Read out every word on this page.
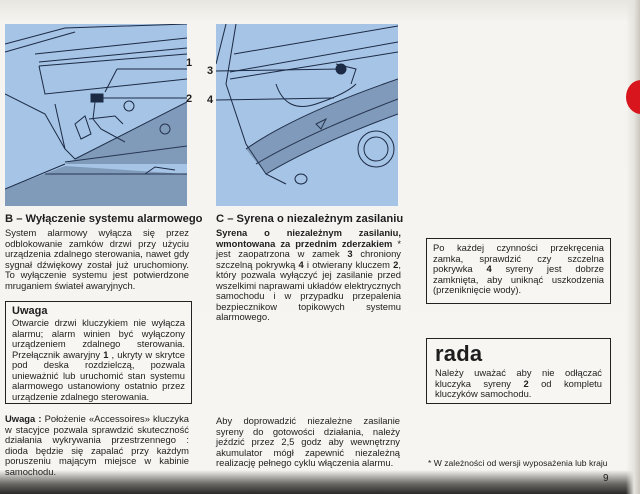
1
2
3
4
B – Wyłączenie systemu alarmowego
System alarmowy wyłącza się przez odblokowanie zamków drzwi przy użyciu urządzenia zdalnego sterowania, nawet gdy sygnał dźwiękowy został już uruchomiony. To wyłączenie systemu jest potwierdzone mruganiem świateł awaryjnych.
Uwaga
Otwarcie drzwi kluczykiem nie wyłącza alarmu; alarm winien być wyłączony urządzeniem zdalnego sterowania. Przełącznik awaryjny 1 , ukryty w skrytce pod deska rozdzielczą, pozwala unieważnić lub uruchomić stan systemu alarmowego ustanowiony ostatnio przez urządzenie zdalnego sterowania.
Uwaga : Położenie «Accessoires» kluczyka w stacyjce pozwala sprawdzić skuteczność działania wykrywania przestrzennego : dioda będzie się zapalać przy każdym poruszeniu mającym miejsce w kabinie samochodu.
C – Syrena o niezależnym zasilaniu
Syrena o niezależnym zasilaniu, wmontowana za przednim zderzakiem * jest zaopatrzona w zamek 3 chroniony szczelną pokrywką 4 i otwierany kluczem 2, który pozwala wyłączyć jej zasilanie przed wszelkimi naprawami układów elektrycznych samochodu i w przypadku przepalenia bezpiecznikow topikowych systemu alarmowego.
Aby doprowadzić niezależne zasilanie syreny do gotowości działania, należy jeździć przez 2,5 godz aby wewnętrzny akumulator mógł zapewnić niezależną realizację pełnego cyklu włączenia alarmu.
Po każdej czynności przekręcenia zamka, sprawdzić czy szczelna pokrywka 4 syreny jest dobrze zamknięta, aby uniknąć uszkodzenia (przeniknięcie wody).
rada
Należy uważać aby nie odłączać kluczyka syreny 2 od kompletu kluczyków samochodu.
* W zależności od wersji wyposażenia lub kraju
9
